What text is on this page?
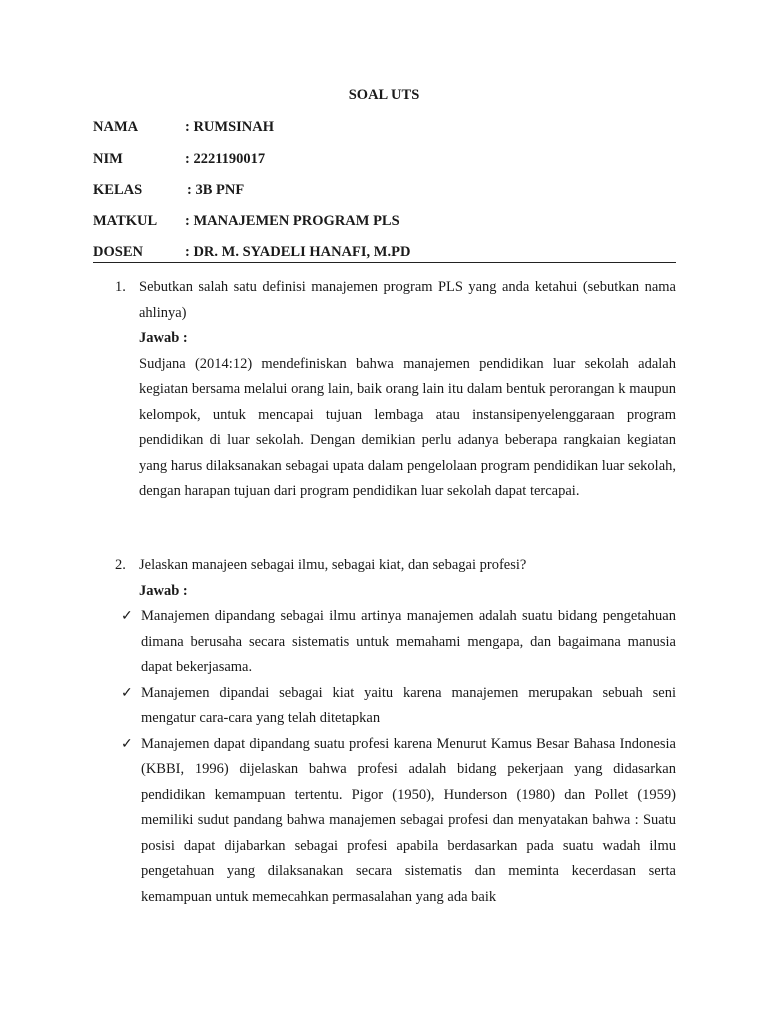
SOAL UTS
NAMA	: RUMSINAH
NIM	: 2221190017
KELAS	: 3B PNF
MATKUL : MANAJEMEN PROGRAM PLS
DOSEN	: DR. M. SYADELI HANAFI, M.PD
1. Sebutkan salah satu definisi manajemen program PLS yang anda ketahui (sebutkan nama ahlinya)

Jawab :

Sudjana (2014:12) mendefiniskan bahwa manajemen pendidikan luar sekolah adalah kegiatan bersama melalui orang lain, baik orang lain itu dalam bentuk perorangan k maupun kelompok, untuk mencapai tujuan lembaga atau instansipenyelenggaraan program pendidikan di luar sekolah. Dengan demikian perlu adanya beberapa rangkaian kegiatan yang harus dilaksanakan sebagai upata dalam pengelolaan program pendidikan luar sekolah, dengan harapan tujuan dari program pendidikan luar sekolah dapat tercapai.

2. Jelaskan manajeen sebagai ilmu, sebagai kiat, dan sebagai profesi?

Jawab :

✓ Manajemen dipandang sebagai ilmu artinya manajemen adalah suatu bidang pengetahuan dimana berusaha secara sistematis untuk memahami mengapa, dan bagaimana manusia dapat bekerjasama.
✓ Manajemen dipandai sebagai kiat yaitu karena manajemen merupakan sebuah seni mengatur cara-cara yang telah ditetapkan
✓ Manajemen dapat dipandang suatu profesi karena Menurut Kamus Besar Bahasa Indonesia (KBBI, 1996) dijelaskan bahwa profesi adalah bidang pekerjaan yang didasarkan pendidikan kemampuan tertentu. Pigor (1950), Hunderson (1980) dan Pollet (1959) memiliki sudut pandang bahwa manajemen sebagai profesi dan menyatakan bahwa : Suatu posisi dapat dijabarkan sebagai profesi apabila berdasarkan pada suatu wadah ilmu pengetahuan yang dilaksanakan secara sistematis dan meminta kecerdasan serta kemampuan untuk memecahkan permasalahan yang ada baik
